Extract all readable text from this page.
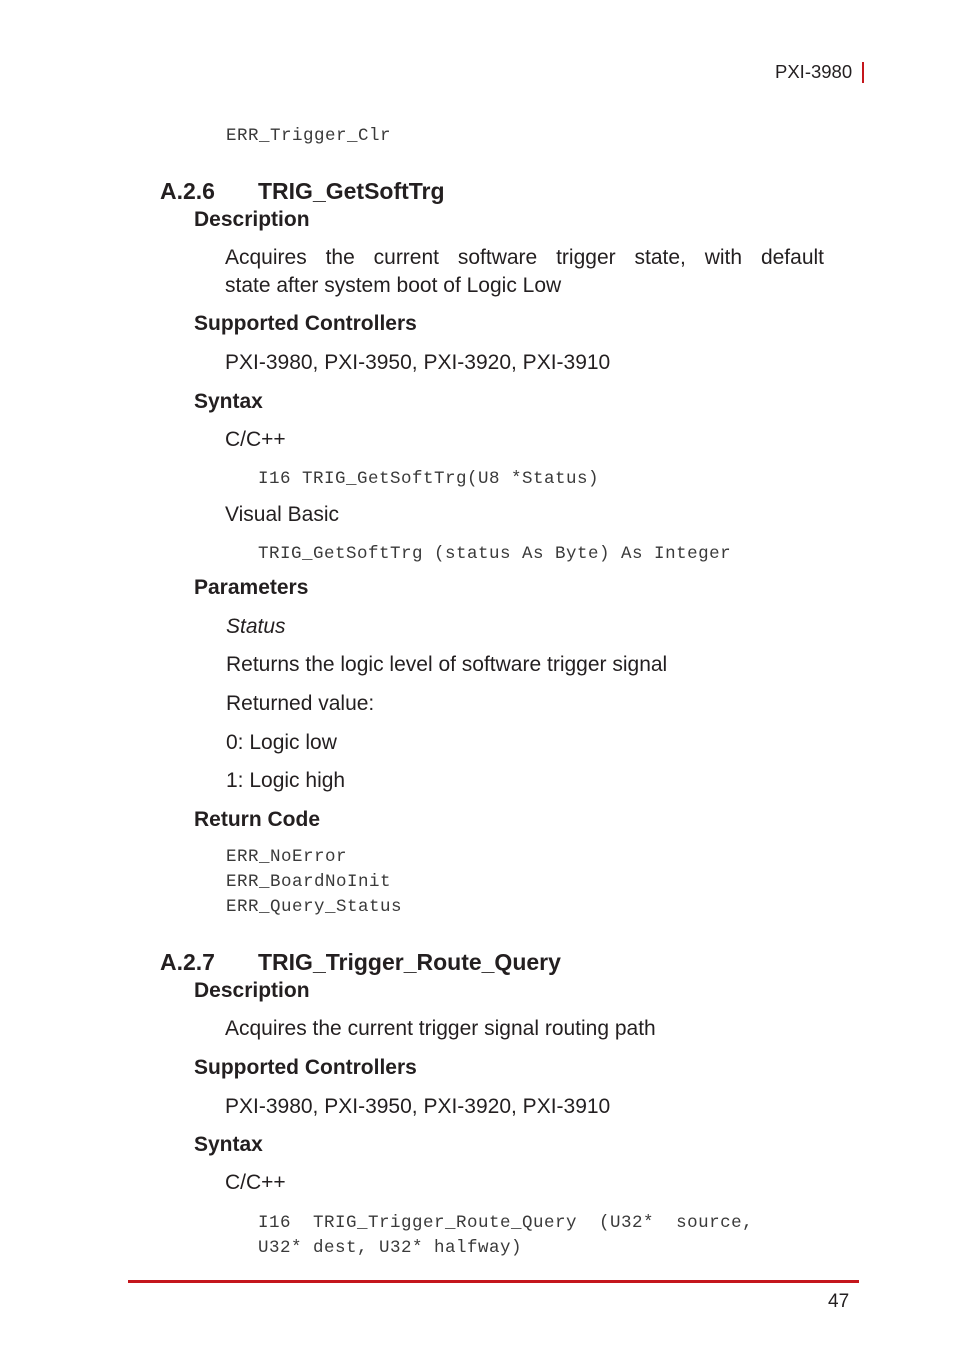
PXI-3980
ERR_Trigger_Clr
A.2.6 TRIG_GetSoftTrg
Description
Acquires the current software trigger state, with default
state after system boot of Logic Low
Supported Controllers
PXI-3980, PXI-3950, PXI-3920, PXI-3910
Syntax
C/C++
I16 TRIG_GetSoftTrg(U8 *Status)
Visual Basic
TRIG_GetSoftTrg (status As Byte) As Integer
Parameters
Status
Returns the logic level of software trigger signal
Returned value:
0: Logic low
1: Logic high
Return Code
ERR_NoError
ERR_BoardNoInit
ERR_Query_Status
A.2.7 TRIG_Trigger_Route_Query
Description
Acquires the current trigger signal routing path
Supported Controllers
PXI-3980, PXI-3950, PXI-3920, PXI-3910
Syntax
C/C++
I16  TRIG_Trigger_Route_Query  (U32*  source,
U32* dest, U32* halfway)
47
